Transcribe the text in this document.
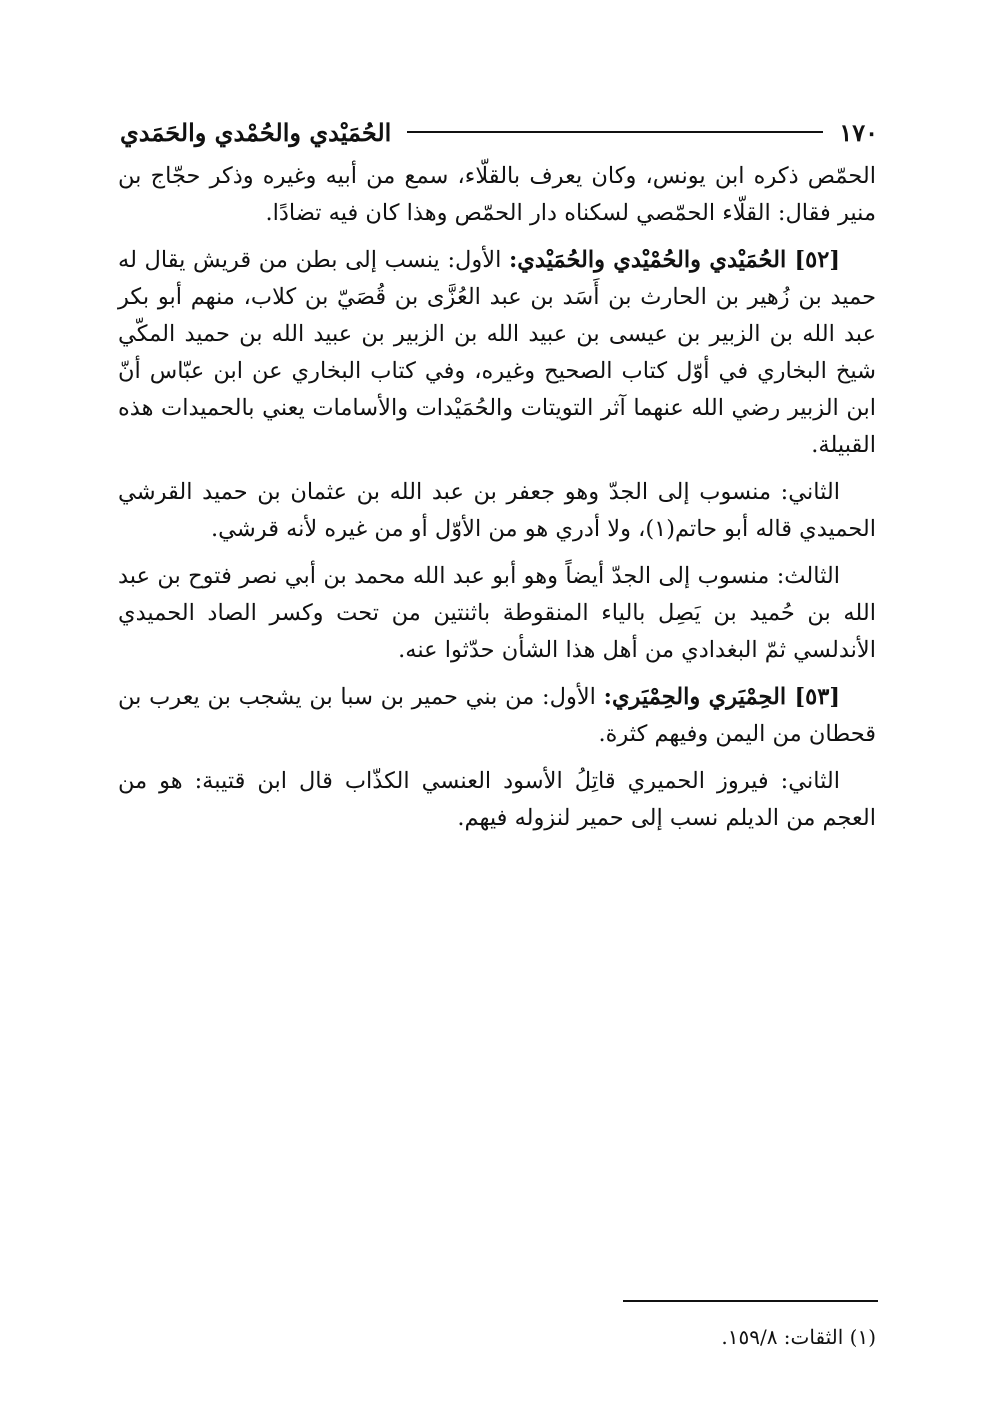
١٧٠
الحُمَيْدي والحُمْدي والحَمَدي

الحمّص ذكره ابن يونس، وكان يعرف بالقلّاء، سمع من أبيه وغيره وذكر حجّاج بن منير فقال: القلّاء الحمّصي لسكناه دار الحمّص وهذا كان فيه تضادًا.

[٥٢] الحُمَيْدي والحُمْيْدي والحُمَيْدي: الأول: ينسب إلى بطن من قريش يقال له حميد بن زُهير بن الحارث بن أَسَد بن عبد العُزَّى بن قُصَيّ بن كلاب، منهم أبو بكر عبد الله بن الزبير بن عيسى بن عبيد الله بن الزبير بن عبيد الله بن حميد المكّي شيخ البخاري في أوّل كتاب الصحيح وغيره، وفي كتاب البخاري عن ابن عبّاس أنّ ابن الزبير رضي الله عنهما آثر التويتات والحُمَيْدات والأسامات يعني بالحميدات هذه القبيلة.

الثاني: منسوب إلى الجدّ وهو جعفر بن عبد الله بن عثمان بن حميد القرشي الحميدي قاله أبو حاتم(١)، ولا أدري هو من الأوّل أو من غيره لأنه قرشي.

الثالث: منسوب إلى الجدّ أيضاً وهو أبو عبد الله محمد بن أبي نصر فتوح بن عبد الله بن حُميد بن يَصِل بالياء المنقوطة باثنتين من تحت وكسر الصاد الحميدي الأندلسي ثمّ البغدادي من أهل هذا الشأن حدّثوا عنه.

[٥٣] الحِمْيَري والحِمْيَري: الأول: من بني حمير بن سبا بن يشجب بن يعرب بن قحطان من اليمن وفيهم كثرة.

الثاني: فيروز الحميري قاتِلُ الأسود العنسي الكذّاب قال ابن قتيبة: هو من العجم من الديلم نسب إلى حمير لنزوله فيهم.

(١) الثقات: ١٥٩/٨.
